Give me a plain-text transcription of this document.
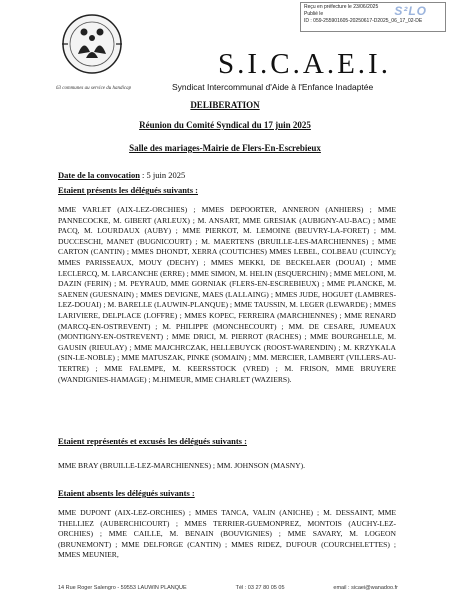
Reçu en préfecture le 23/06/2025
Publié le
ID : 059-255901605-20250617-D2025_06_17_02-DE
S²LO
63 communes au service du handicap
S.I.C.A.E.I.
Syndicat Intercommunal d'Aide à l'Enfance Inadaptée
DELIBERATION
Réunion du Comité Syndical du 17 juin 2025
Salle des mariages-Mairie de Flers-En-Escrebieux
Date de la convocation : 5 juin 2025
Etaient présents les délégués suivants :
MME VARLET (AIX-LEZ-ORCHIES) ; MMES DEPOORTER, ANNERON (ANHIERS) ; MME PANNECOCKE, M. GIBERT (ARLEUX) ; M. ANSART, MME GRESIAK (AUBIGNY-AU-BAC) ; MME PACQ, M. LOURDAUX (AUBY) ; MME PIERKOT, M. LEMOINE (BEUVRY-LA-FORET) ; MM. DUCCESCHI, MANET (BUGNICOURT) ; M. MAERTENS (BRUILLE-LES-MARCHIENNES) ; MME CARTON (CANTIN) ; MMES DHONDT, XERRA (COUTICHES) MMES LEBEL, COLBEAU (CUINCY); MMES PARISSEAUX, MOUY (DECHY) ; MMES MEKKI, DE BECKELAER (DOUAI) ; MME LECLERCQ, M. LARCANCHE (ERRE) ; MME SIMON, M. HELIN (ESQUERCHIN) ; MME MELONI, M. DAZIN (FERIN) ; M. PEYRAUD, MME GORNIAK (FLERS-EN-ESCREBIEUX) ; MME PLANCKE, M. SAENEN (GUESNAIN) ; MMES DEVIGNE, MAES (LALLAING) ; MMES JUDE, HOGUET (LAMBRES-LEZ-DOUAI) ; M. BARELLE (LAUWIN-PLANQUE) ; MME TAUSSIN, M. LEGER (LEWARDE) ; MMES LARIVIERE, DELPLACE (LOFFRE) ; MMES KOPEC, FERREIRA (MARCHIENNES) ; MME RENARD (MARCQ-EN-OSTREVENT) ; M. PHILIPPE (MONCHECOURT) ; MM. DE CESARE, JUMEAUX (MONTIGNY-EN-OSTREVENT) ; MME DRICI, M. PIERROT (RACHES) ; MME BOURGHELLE, M. GAUSIN (RIEULAY) ; MME MAJCHRCZAK, HELLEBUYCK (ROOST-WARENDIN) ; M. KRZYKALA (SIN-LE-NOBLE) ; MME MATUSZAK, PINKE (SOMAIN) ; MM. MERCIER, LAMBERT (VILLERS-AU-TERTRE) ; MME FALEMPE, M. KEERSSTOCK (VRED) ; M. FRISON, MME BRUYERE (WANDIGNIES-HAMAGE) ; M.HIMEUR, MME CHARLET (WAZIERS).
Etaient représentés et excusés les délégués suivants :
MME BRAY (BRUILLE-LEZ-MARCHIENNES) ; MM. JOHNSON (MASNY).
Etaient absents les délégués suivants :
MME DUPONT (AIX-LEZ-ORCHIES) ; MMES TANCA, VALIN (ANICHE) ; M. DESSAINT, MME THELLIEZ (AUBERCHICOURT) ; MMES TERRIER-GUEMONPREZ, MONTOIS (AUCHY-LEZ-ORCHIES) ; MME CAILLE, M. BENAIN (BOUVIGNIES) ; MME SAVARY, M. LOGEON (BRUNEMONT) ; MME DELFORGE (CANTIN) ; MMES RIDEZ, DUFOUR (COURCHELETTES) ; MMES MEUNIER,
14 Rue Roger Salengro - 59553 LAUWIN PLANQUE	Tél : 03 27 80 05 05	email : sicaei@wanadoo.fr
